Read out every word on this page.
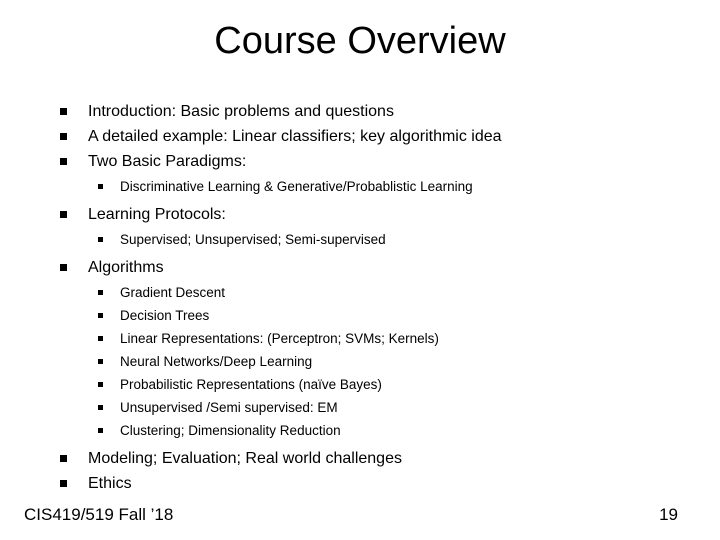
Course Overview
Introduction: Basic problems and questions
A detailed example: Linear classifiers; key algorithmic idea
Two Basic Paradigms:
Discriminative Learning & Generative/Probablistic Learning
Learning Protocols:
Supervised; Unsupervised; Semi-supervised
Algorithms
Gradient Descent
Decision Trees
Linear Representations: (Perceptron; SVMs; Kernels)
Neural Networks/Deep Learning
Probabilistic Representations (naïve Bayes)
Unsupervised /Semi supervised: EM
Clustering; Dimensionality Reduction
Modeling; Evaluation; Real world challenges
Ethics
CIS419/519 Fall ’18	19
